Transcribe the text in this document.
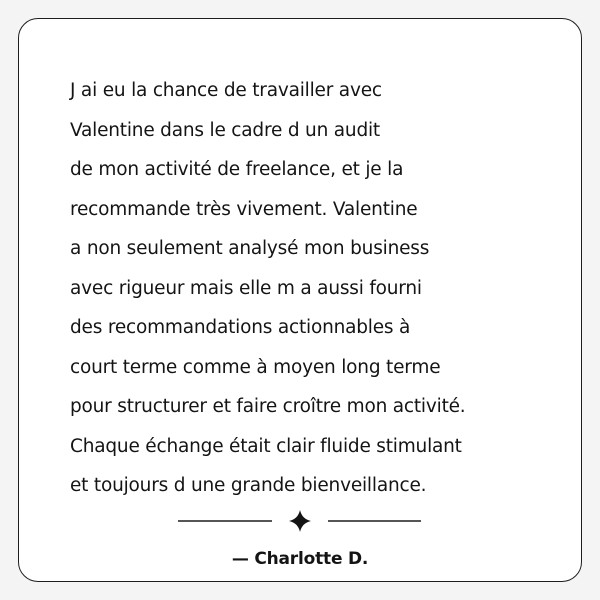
J ai eu la chance de travailler avec
Valentine dans le cadre d un audit
de mon activité de freelance, et je la
recommande très vivement. Valentine
a non seulement analysé mon business
avec rigueur mais elle m a aussi fourni
des recommandations actionnables à
court terme comme à moyen long terme
pour structurer et faire croître mon activité.
Chaque échange était clair fluide stimulant
et toujours d une grande bienveillance.
— Charlotte D.
